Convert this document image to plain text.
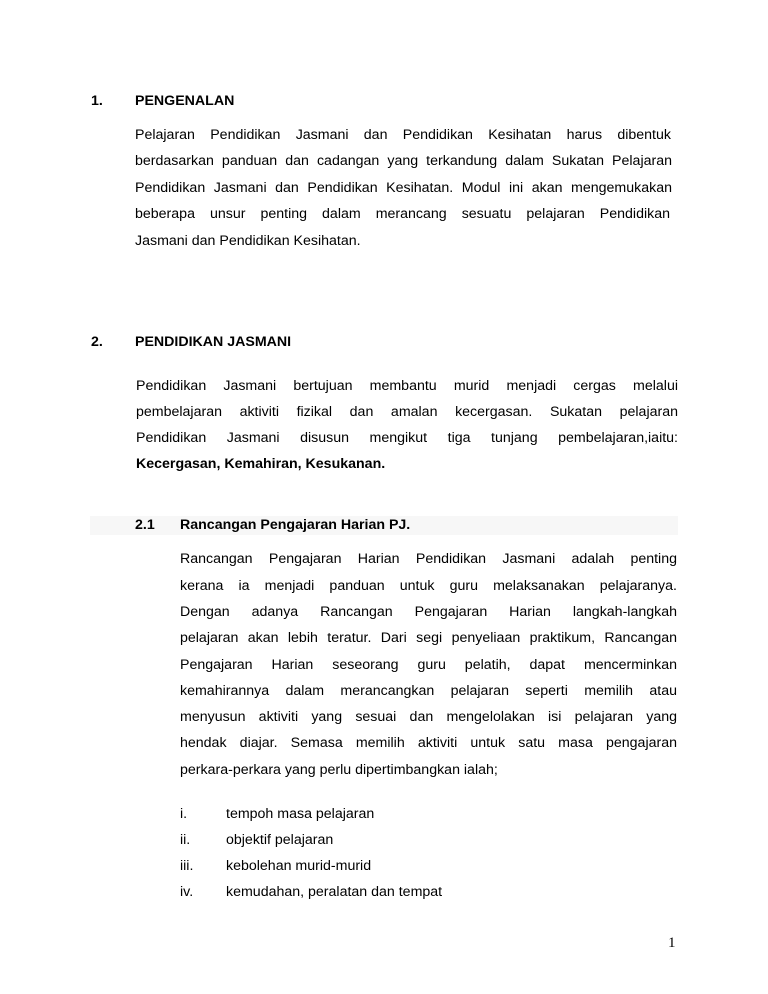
1. PENGENALAN
Pelajaran Pendidikan Jasmani dan Pendidikan Kesihatan harus dibentuk
berdasarkan panduan dan cadangan yang terkandung dalam Sukatan Pelajaran
Pendidikan Jasmani dan Pendidikan Kesihatan. Modul ini akan mengemukakan
beberapa unsur penting dalam merancang sesuatu pelajaran Pendidikan
Jasmani dan Pendidikan Kesihatan.
2. PENDIDIKAN JASMANI
Pendidikan Jasmani bertujuan membantu murid menjadi cergas melalui
pembelajaran aktiviti fizikal dan amalan kecergasan. Sukatan pelajaran
Pendidikan Jasmani disusun mengikut tiga tunjang pembelajaran,iaitu:
Kecergasan, Kemahiran, Kesukanan.
2.1 Rancangan Pengajaran Harian PJ.
Rancangan Pengajaran Harian Pendidikan Jasmani adalah penting
kerana ia menjadi panduan untuk guru melaksanakan pelajaranya.
Dengan adanya Rancangan Pengajaran Harian langkah-langkah
pelajaran akan lebih teratur. Dari segi penyeliaan praktikum, Rancangan
Pengajaran Harian seseorang guru pelatih, dapat mencerminkan
kemahirannya dalam merancangkan pelajaran seperti memilih atau
menyusun aktiviti yang sesuai dan mengelolakan isi pelajaran yang
hendak diajar. Semasa memilih aktiviti untuk satu masa pengajaran
perkara-perkara yang perlu dipertimbangkan ialah;
i.	tempoh masa pelajaran
ii.	objektif pelajaran
iii. kebolehan murid-murid
iv. kemudahan, peralatan dan tempat
1
